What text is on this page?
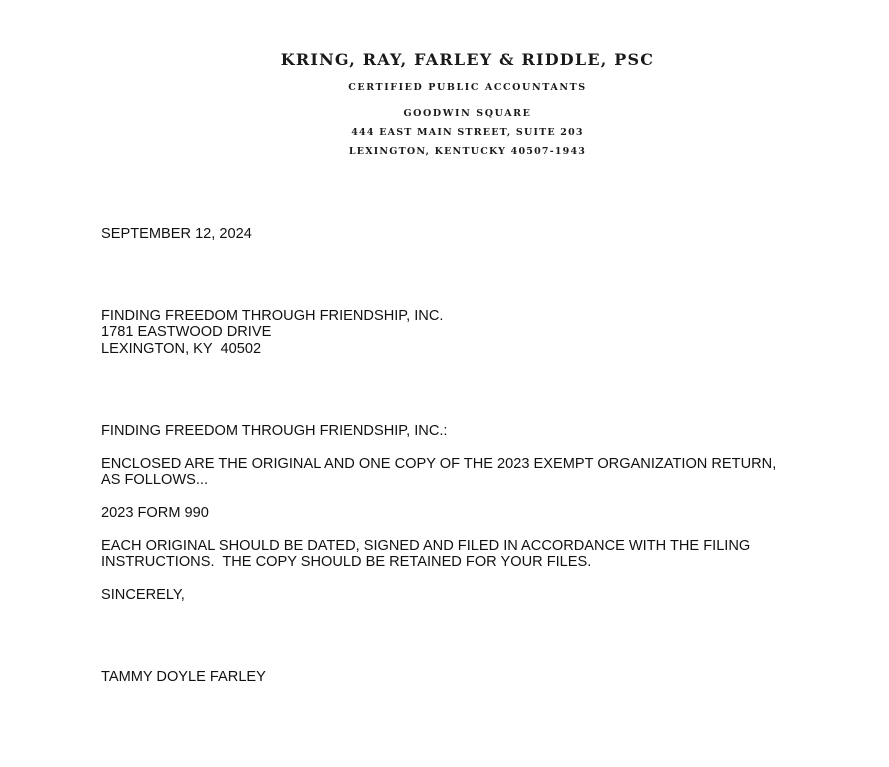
KRING, RAY, FARLEY & RIDDLE, PSC
CERTIFIED PUBLIC ACCOUNTANTS
GOODWIN SQUARE
444 EAST MAIN STREET, SUITE 203
LEXINGTON, KENTUCKY 40507-1943
SEPTEMBER 12, 2024
FINDING FREEDOM THROUGH FRIENDSHIP, INC.
1781 EASTWOOD DRIVE
LEXINGTON, KY  40502
FINDING FREEDOM THROUGH FRIENDSHIP, INC.:
ENCLOSED ARE THE ORIGINAL AND ONE COPY OF THE 2023 EXEMPT ORGANIZATION RETURN,
AS FOLLOWS...
2023 FORM 990
EACH ORIGINAL SHOULD BE DATED, SIGNED AND FILED IN ACCORDANCE WITH THE FILING
INSTRUCTIONS.  THE COPY SHOULD BE RETAINED FOR YOUR FILES.
SINCERELY,
TAMMY DOYLE FARLEY
